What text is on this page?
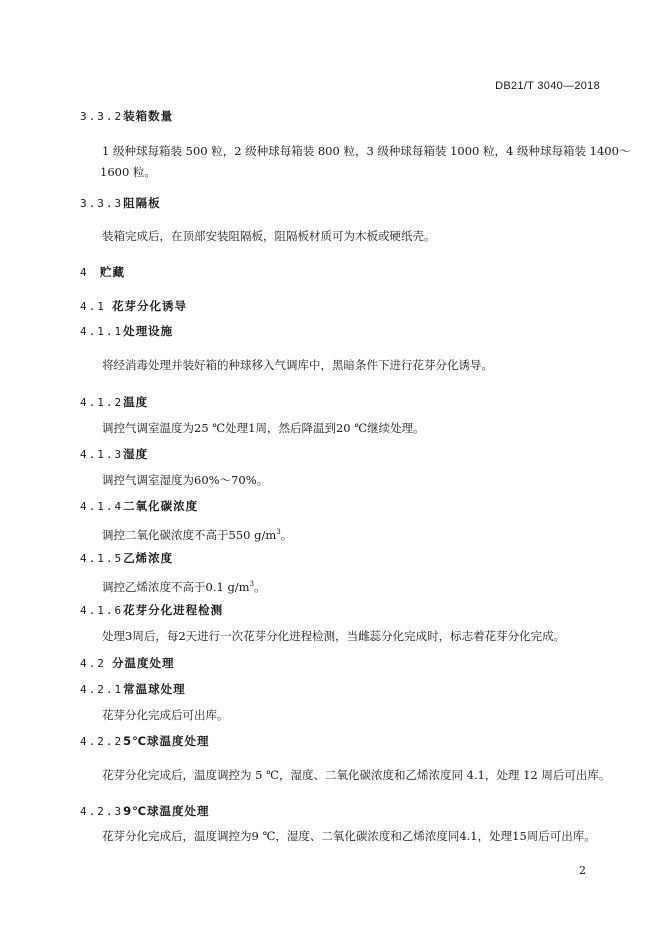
DB21/T 3040—2018
3.3.2 装箱数量
1 级种球每箱装 500 粒，2 级种球每箱装 800 粒，3 级种球每箱装 1000 粒，4 级种球每箱装 1400～
1600 粒。
3.3.3 阻隔板
装箱完成后，在顶部安装阻隔板，阻隔板材质可为木板或硬纸壳。
4 贮藏
4.1 花芽分化诱导
4.1.1 处理设施
将经消毒处理并装好箱的种球移入气调库中，黑暗条件下进行花芽分化诱导。
4.1.2 温度
调控气调室温度为25 ℃处理1周，然后降温到20 ℃继续处理。
4.1.3 湿度
调控气调室湿度为60%～70%。
4.1.4 二氧化碳浓度
调控二氧化碳浓度不高于550 $g/m^3$。
4.1.5 乙烯浓度
调控乙烯浓度不高于0.1 $g/m^3$。
4.1.6 花芽分化进程检测
处理3周后，每2天进行一次花芽分化进程检测，当雌蕊分化完成时，标志着花芽分化完成。
4.2 分温度处理
4.2.1 常温球处理
花芽分化完成后可出库。
4.2.2 5℃球温度处理
花芽分化完成后，温度调控为 5 ℃，湿度、二氧化碳浓度和乙烯浓度同 4.1，处理 12 周后可出库。
4.2.3 9℃球温度处理
花芽分化完成后，温度调控为9 ℃，湿度、二氧化碳浓度和乙烯浓度同4.1，处理15周后可出库。
2
